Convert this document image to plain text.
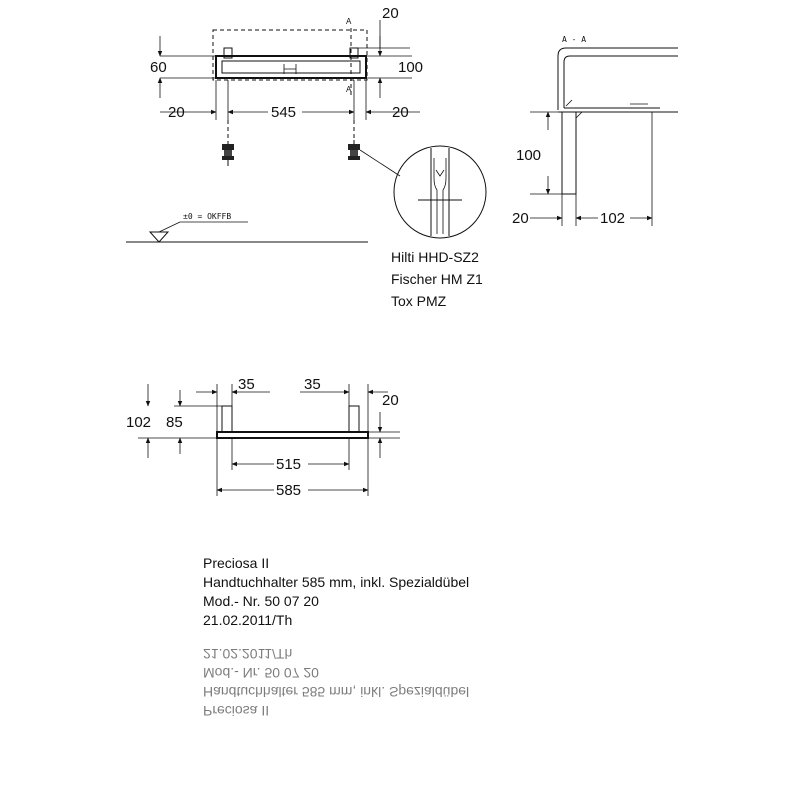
A
A
60
20
100
20	545	20
Hilti HHD-SZ2
Fischer HM Z1
Tox PMZ
±0 = OKFFB
A - A
100
20	102
35	35
102 85
20
515
585
Preciosa II
Handtuchhalter 585 mm, inkl. Spezialdübel
Mod.- Nr. 50 07 20
21.02.2011/Th
Preciosa II
Handtuchhalter 585 mm, inkl. Spezialdübel
Mod.- Nr. 50 07 20
21.02.2011/Th
